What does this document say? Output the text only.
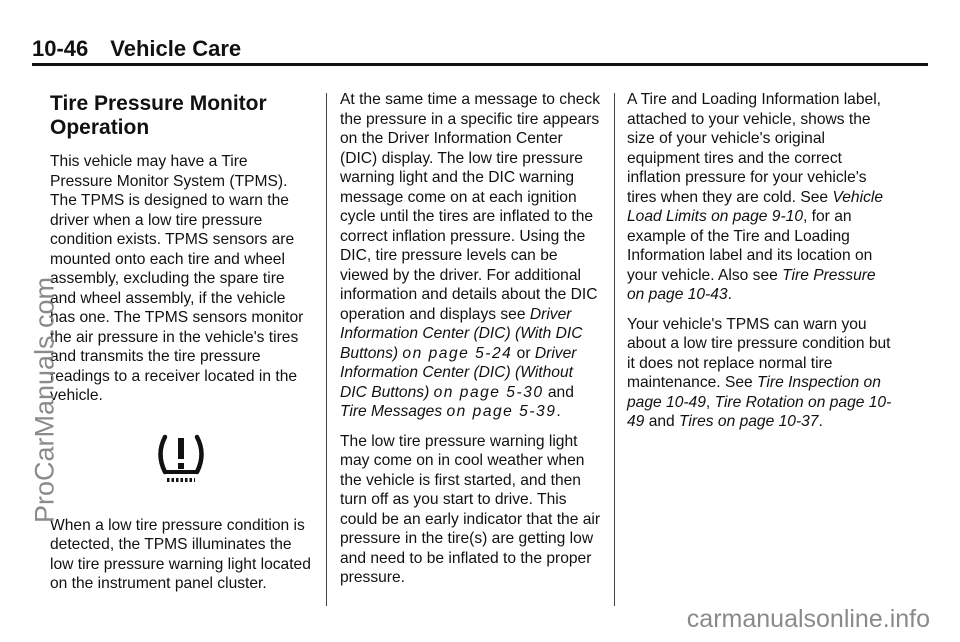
10-46 Vehicle Care
Tire Pressure Monitor
Operation

This vehicle may have a Tire Pressure Monitor System (TPMS). The TPMS is designed to warn the driver when a low tire pressure condition exists. TPMS sensors are mounted onto each tire and wheel assembly, excluding the spare tire and wheel assembly, if the vehicle has one. The TPMS sensors monitor the air pressure in the vehicle's tires and transmits the tire pressure readings to a receiver located in the vehicle.

When a low tire pressure condition is detected, the TPMS illuminates the low tire pressure warning light located on the instrument panel cluster.

At the same time a message to check the pressure in a specific tire appears on the Driver Information Center (DIC) display. The low tire pressure warning light and the DIC warning message come on at each ignition cycle until the tires are inflated to the correct inflation pressure. Using the DIC, tire pressure levels can be viewed by the driver. For additional information and details about the DIC operation and displays see Driver Information Center (DIC) (With DIC Buttons) on page 5-24 or Driver Information Center (DIC) (Without DIC Buttons) on page 5-30 and Tire Messages on page 5-39.

The low tire pressure warning light may come on in cool weather when the vehicle is first started, and then turn off as you start to drive. This could be an early indicator that the air pressure in the tire(s) are getting low and need to be inflated to the proper pressure.

A Tire and Loading Information label, attached to your vehicle, shows the size of your vehicle's original equipment tires and the correct inflation pressure for your vehicle's tires when they are cold. See Vehicle Load Limits on page 9-10, for an example of the Tire and Loading Information label and its location on your vehicle. Also see Tire Pressure on page 10-43.

Your vehicle's TPMS can warn you about a low tire pressure condition but it does not replace normal tire maintenance. See Tire Inspection on page 10-49, Tire Rotation on page 10-49 and Tires on page 10-37.

ProCarManuals.com
carmanualsonline.info
